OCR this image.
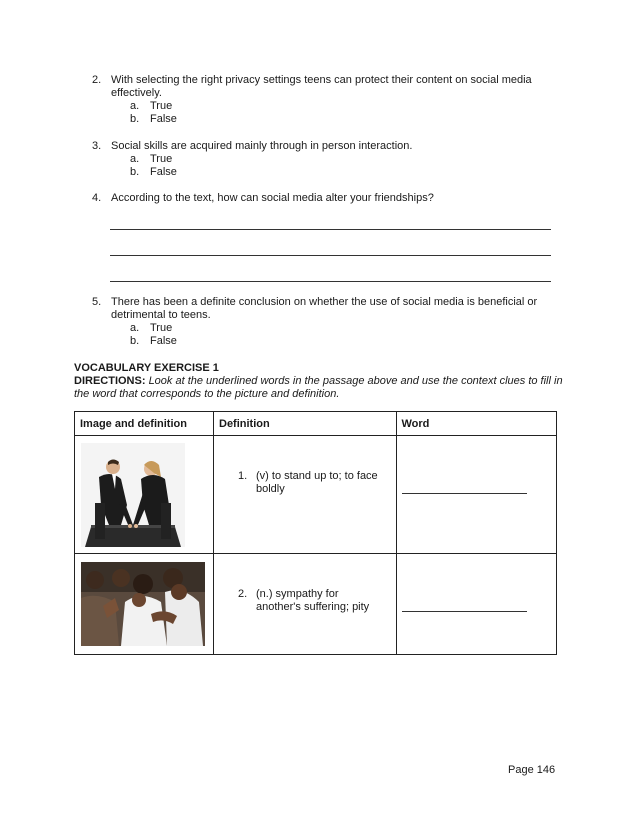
2. With selecting the right privacy settings teens can protect their content on social media effectively.
a. True
b. False
3. Social skills are acquired mainly through in person interaction.
a. True
b. False
4. According to the text, how can social media alter your friendships?
5. There has been a definite conclusion on whether the use of social media is beneficial or detrimental to teens.
a. True
b. False
VOCABULARY EXERCISE 1
DIRECTIONS: Look at the underlined words in the passage above and use the context clues to fill in the word that corresponds to the picture and definition.
Image and definition	Definition	Word

1. (v) to stand up to; to face boldly	

2. (n.) sympathy for another's suffering; pity	

Page 146
